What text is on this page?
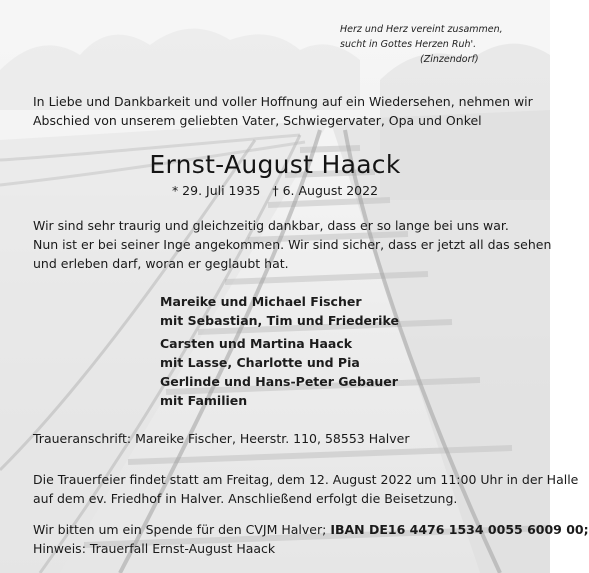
Herz und Herz vereint zusammen,
sucht in Gottes Herzen Ruh'.
(Zinzendorf)

In Liebe und Dankbarkeit und voller Hoffnung auf ein Wiedersehen, nehmen wir
Abschied von unserem geliebten Vater, Schwiegervater, Opa und Onkel

Ernst-August Haack

* 29. Juli 1935 † 6. August 2022

Wir sind sehr traurig und gleichzeitig dankbar, dass er so lange bei uns war.
Nun ist er bei seiner Inge angekommen. Wir sind sicher, dass er jetzt all das sehen
und erleben darf, woran er geglaubt hat.

Mareike und Michael Fischer
mit Sebastian, Tim und Friederike
Carsten und Martina Haack
mit Lasse, Charlotte und Pia
Gerlinde und Hans-Peter Gebauer
mit Familien

Traueranschrift: Mareike Fischer, Heerstr. 110, 58553 Halver

Die Trauerfeier findet statt am Freitag, dem 12. August 2022 um 11:00 Uhr in der Halle
auf dem ev. Friedhof in Halver. Anschließend erfolgt die Beisetzung.

Wir bitten um ein Spende für den CVJM Halver; IBAN DE16 4476 1534 0055 6009 00;
Hinweis: Trauerfall Ernst-August Haack
